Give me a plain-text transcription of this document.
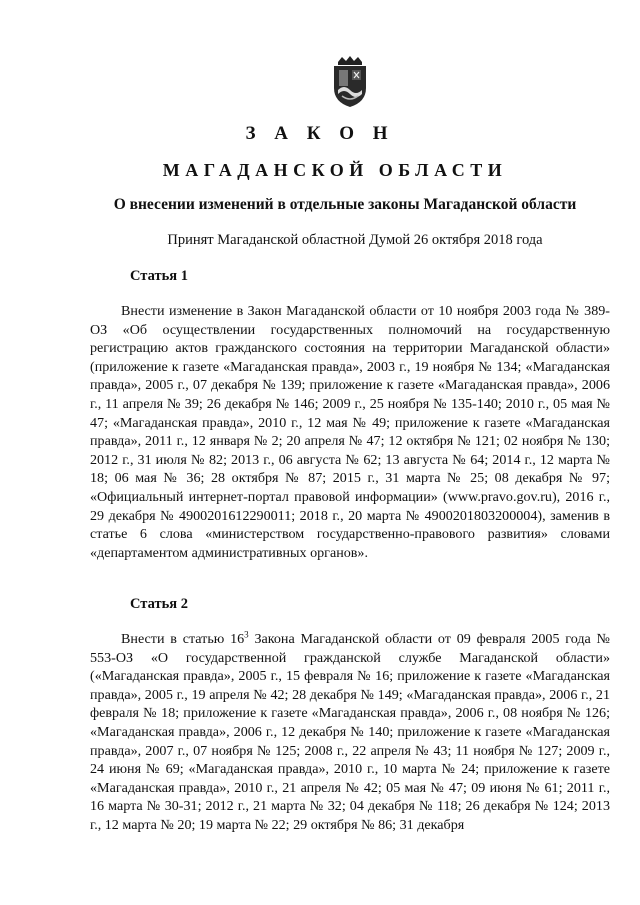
З А К О Н
МАГАДАНСКОЙ ОБЛАСТИ
О внесении изменений в отдельные законы Магаданской области
Принят Магаданской областной Думой 26 октября 2018 года
Статья 1
Внести изменение в Закон Магаданской области от 10 ноября 2003 года № 389-ОЗ «Об осуществлении государственных полномочий на государственную регистрацию актов гражданского состояния на территории Магаданской области» (приложение к газете «Магаданская правда», 2003 г., 19 ноября № 134; «Магаданская правда», 2005 г., 07 декабря № 139; приложение к газете «Магаданская правда», 2006 г., 11 апреля № 39; 26 декабря № 146; 2009 г., 25 ноября № 135-140; 2010 г., 05 мая № 47; «Магаданская правда», 2010 г., 12 мая № 49; приложение к газете «Магаданская правда», 2011 г., 12 января № 2; 20 апреля № 47; 12 октября № 121; 02 ноября № 130; 2012 г., 31 июля № 82; 2013 г., 06 августа № 62; 13 августа № 64; 2014 г., 12 марта № 18; 06 мая № 36; 28 октября № 87; 2015 г., 31 марта № 25; 08 декабря № 97; «Официальный интернет-портал правовой информации» (www.pravo.gov.ru), 2016 г., 29 декабря № 4900201612290011; 2018 г., 20 марта № 4900201803200004), заменив в статье 6 слова «министерством государственно-правового развития» словами «департаментом административных органов».
Статья 2
Внести в статью $16^3$ Закона Магаданской области от 09 февраля 2005 года № 553-ОЗ «О государственной гражданской службе Магаданской области» («Магаданская правда», 2005 г., 15 февраля № 16; приложение к газете «Магаданская правда», 2005 г., 19 апреля № 42; 28 декабря № 149; «Магаданская правда», 2006 г., 21 февраля № 18; приложение к газете «Магаданская правда», 2006 г., 08 ноября № 126; «Магаданская правда», 2006 г., 12 декабря № 140; приложение к газете «Магаданская правда», 2007 г., 07 ноября № 125; 2008 г., 22 апреля № 43; 11 ноября № 127; 2009 г., 24 июня № 69; «Магаданская правда», 2010 г., 10 марта № 24; приложение к газете «Магаданская правда», 2010 г., 21 апреля № 42; 05 мая № 47; 09 июня № 61; 2011 г., 16 марта № 30-31; 2012 г., 21 марта № 32; 04 декабря № 118; 26 декабря № 124; 2013 г., 12 марта № 20; 19 марта № 22; 29 октября № 86; 31 декабря
